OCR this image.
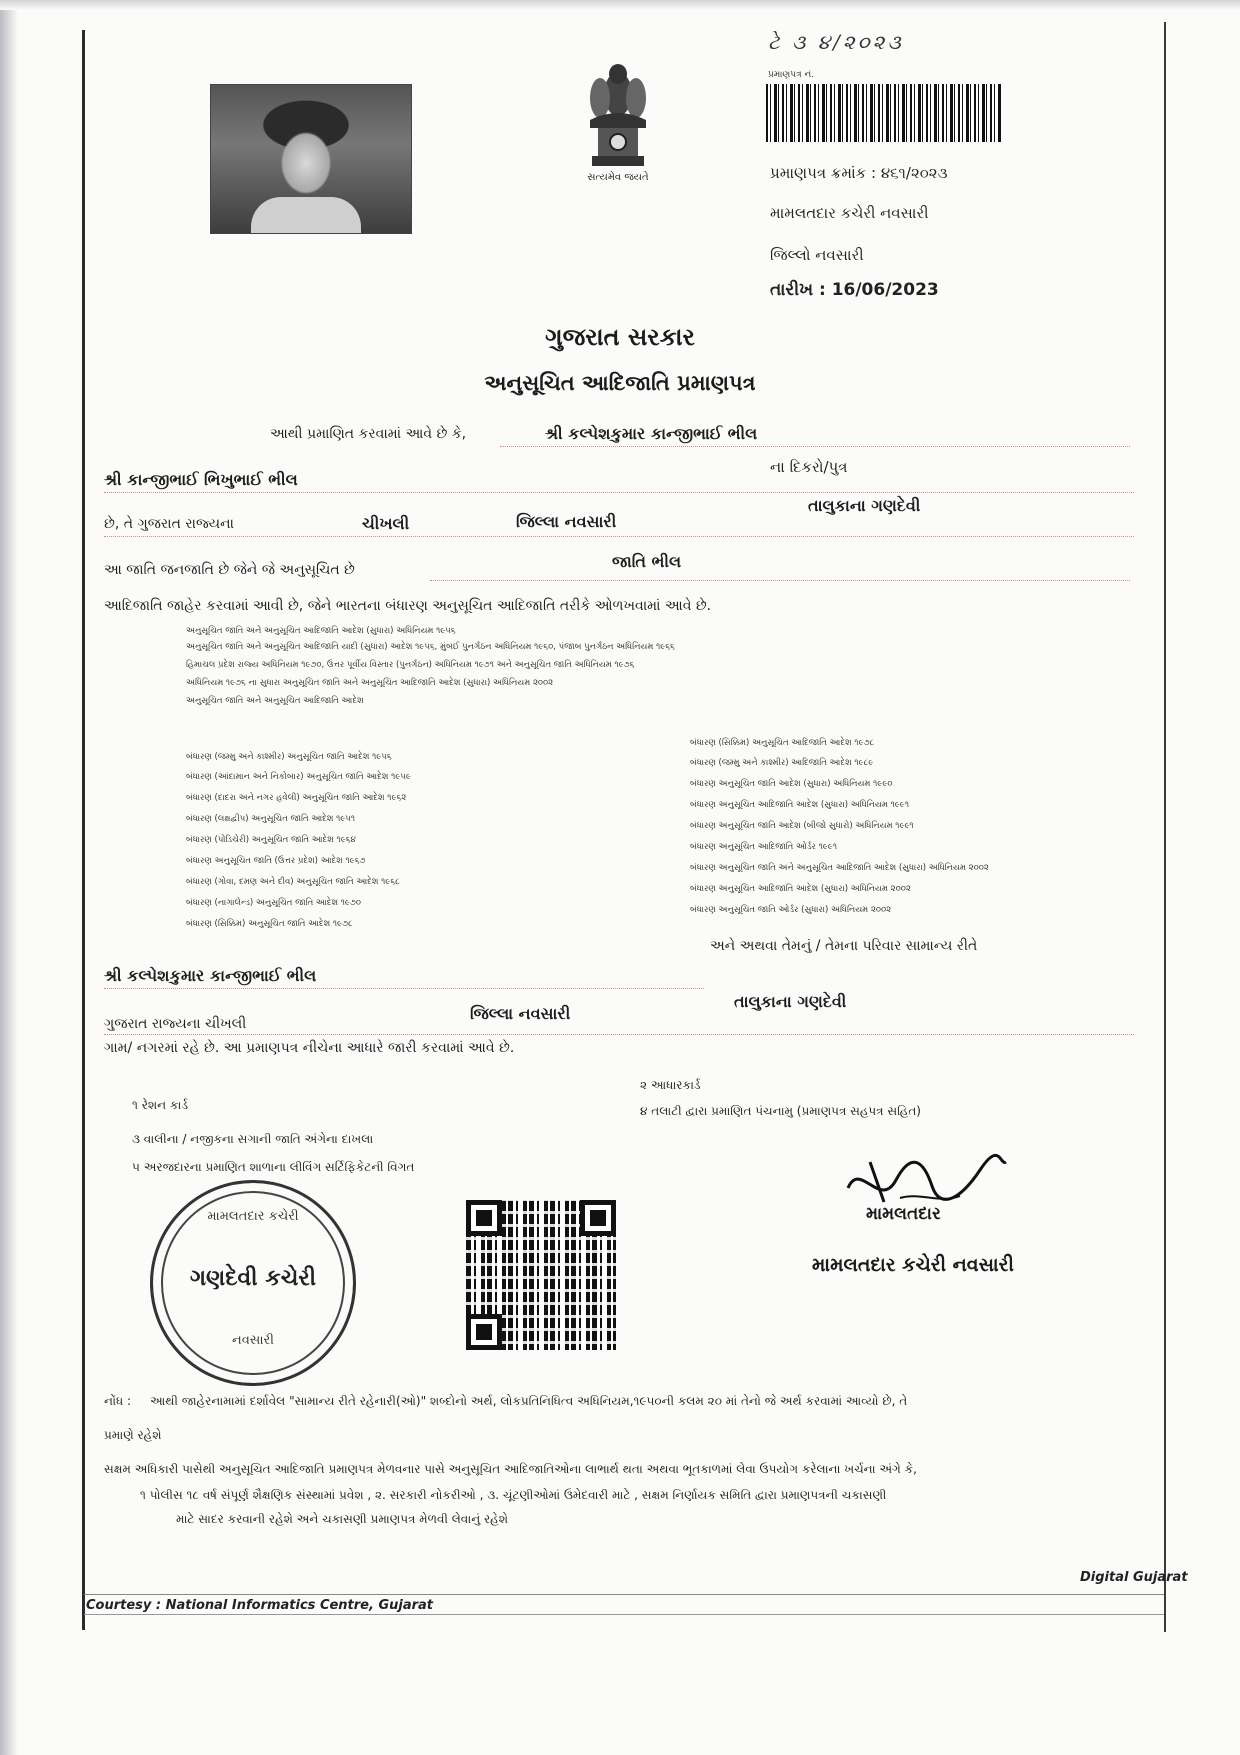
સત્યમેવ જયતે
ટે ૩ ૪/૨૦૨૩
પ્રમાણપત્ર નં.
પ્રમાણપત્ર ક્રમાંક : ૪૬૧/૨૦૨૩
મામલતદાર કચેરી નવસારી
જિલ્લો નવસારી
તારીખ : 16/06/2023
ગુજરાત સરકાર
અનુસૂચિત આદિજાતિ પ્રમાણપત્ર
આથી પ્રમાણિત કરવામાં આવે છે કે,	શ્રી કલ્પેશકુમાર કાન્જીભાઈ ભીલ
શ્રી કાન્જીભાઈ ભિખુભાઈ ભીલ
ના દિકરો/પુત્ર
છે, તે ગુજરાત રાજ્યના	ચીખલી	જિલ્લા નવસારી
તાલુકાના ગણદેવી
આ જાતિ જનજાતિ છે જેને જે અનુસૂચિત છે	જાતિ ભીલ
આદિજાતિ જાહેર કરવામાં આવી છે, જેને ભારતના બંધારણ અનુસૂચિત આદિજાતિ તરીકે ઓળખવામાં આવે છે.
અનુસૂચિત જાતિ અને અનુસૂચિત આદિજાતિ આદેશ (સુધારા) અધિનિયમ ૧૯૫૬
અનુસૂચિત જાતિ અને અનુસૂચિત આદિજાતિ યાદી (સુધારા) આદેશ ૧૯૫૬, મુંબઈ પુનર્ગઠન અધિનિયમ ૧૯૬૦, પંજાબ પુનર્ગઠન અધિનિયમ ૧૯૬૬
હિમાચલ પ્રદેશ રાજ્ય અધિનિયમ ૧૯૭૦, ઉત્તર પૂર્વીય વિસ્તાર (પુનર્ગઠન) અધિનિયમ ૧૯૭૧ અને અનુસૂચિત જાતિ અધિનિયમ ૧૯૭૬
અધિનિયમ ૧૯૭૬ ના સુધારા અનુસૂચિત જાતિ અને અનુસૂચિત આદિજાતિ આદેશ (સુધારા) અધિનિયમ ૨૦૦૨
અનુસૂચિત જાતિ અને અનુસૂચિત આદિજાતિ આદેશ
બંધારણ (જમ્મુ અને કાશ્મીર) અનુસૂચિત જાતિ આદેશ ૧૯૫૬
બંધારણ (આંદામાન અને નિકોબાર) અનુસૂચિત જાતિ આદેશ ૧૯૫૯
બંધારણ (દાદરા અને નગર હવેલી) અનુસૂચિત જાતિ આદેશ ૧૯૬૨
બંધારણ (લક્ષદ્વીપ) અનુસૂચિત જાતિ આદેશ ૧૯૫૧
બંધારણ (પોંડિચેરી) અનુસૂચિત જાતિ આદેશ ૧૯૬૪
બંધારણ અનુસૂચિત જાતિ (ઉત્તર પ્રદેશ) આદેશ ૧૯૬૭
બંધારણ (ગોવા, દમણ અને દીવ) અનુસૂચિત જાતિ આદેશ ૧૯૬૮
બંધારણ (નાગાલેન્ડ) અનુસૂચિત જાતિ આદેશ ૧૯૭૦
બંધારણ (સિક્કિમ) અનુસૂચિત જાતિ આદેશ ૧૯૭૮
બંધારણ (સિક્કિમ) અનુસૂચિત આદિજાતિ આદેશ ૧૯૭૮
બંધારણ (જમ્મુ અને કાશ્મીર) આદિજાતિ આદેશ ૧૯૮૯
બંધારણ અનુસૂચિત જાતિ આદેશ (સુધારા) અધિનિયમ ૧૯૯૦
બંધારણ અનુસૂચિત આદિજાતિ આદેશ (સુધારા) અધિનિયમ ૧૯૯૧
બંધારણ અનુસૂચિત જાતિ આદેશ (બીજો સુધારો) અધિનિયમ ૧૯૯૧
બંધારણ અનુસૂચિત આદિજાતિ ઓર્ડર ૧૯૯૧
બંધારણ અનુસૂચિત જાતિ અને અનુસૂચિત આદિજાતિ આદેશ (સુધારા) અધિનિયમ ૨૦૦૨
બંધારણ અનુસૂચિત આદિજાતિ આદેશ (સુધારા) અધિનિયમ ૨૦૦૨
બંધારણ અનુસૂચિત જાતિ ઓર્ડર (સુધારા) અધિનિયમ ૨૦૦૨
અને અથવા તેમનું / તેમના પરિવાર સામાન્ય રીતે
શ્રી કલ્પેશકુમાર કાન્જીભાઈ ભીલ
ગુજરાત રાજ્યના ચીખલી
જિલ્લા નવસારી
તાલુકાના ગણદેવી
ગામ/ નગરમાં રહે છે. આ પ્રમાણપત્ર નીચેના આધારે જારી કરવામાં આવે છે.
૧ રેશન કાર્ડ
૨ આધારકાર્ડ
૩ વાલીના / નજીકના સગાની જાતિ અંગેના દાખલા
૪ તલાટી દ્વારા પ્રમાણિત પંચનામુ (પ્રમાણપત્ર સહપત્ર સહિત)
૫ અરજદારના પ્રમાણિત શાળાના લીવિંગ સર્ટિફિકેટની વિગત
મામલતદાર કચેરી
ગણદેવી કચેરી
નવસારી
મામલતદાર
મામલતદાર કચેરી નવસારી
નોંધ : આથી જાહેરનામામાં દર્શાવેલ "સામાન્ય રીતે રહેનારી(ઓ)" શબ્દોનો અર્થ, લોકપ્રતિનિધિત્વ અધિનિયમ,૧૯૫૦ની કલમ ૨૦ માં તેનો જે અર્થ કરવામાં આવ્યો છે, તે
પ્રમાણે રહેશે
સક્ષમ અધિકારી પાસેથી અનુસૂચિત આદિજાતિ પ્રમાણપત્ર મેળવનાર પાસે અનુસૂચિત આદિજાતિઓના લાભાર્થ થતા અથવા ભૂતકાળમાં લેવા ઉપયોગ કરેલાના ખર્ચના અંગે કે,
૧ પોલીસ ૧૮ વર્ષ સંપૂર્ણ શૈક્ષણિક સંસ્થામાં પ્રવેશ , ૨. સરકારી નોકરીઓ , ૩. ચૂંટણીઓમાં ઉમેદવારી માટે , સક્ષમ નિર્ણાયક સમિતિ દ્વારા પ્રમાણપત્રની ચકાસણી
માટે સાદર કરવાની રહેશે અને ચકાસણી પ્રમાણપત્ર મેળવી લેવાનું રહેશે
Digital Gujarat
Courtesy : National Informatics Centre, Gujarat
